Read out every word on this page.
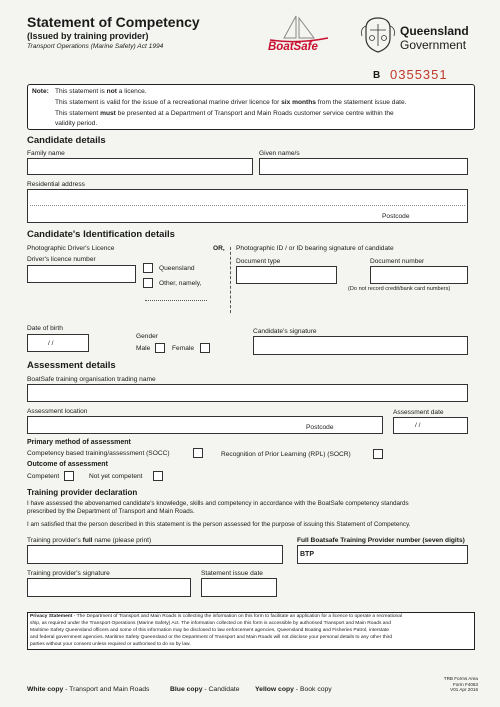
Statement of Competency
(Issued by training provider)
Transport Operations (Marine Safety) Act 1994	BoatSafe
Queensland
Government
B 0355351
Note: This statement is not a licence.
This statement is valid for the issue of a recreational marine driver licence for six months from the statement issue date.
This statement must be presented at a Department of Transport and Main Roads customer service centre within the
validity period.
Candidate details
Family name	Given name/s
Residential address
Postcode
Candidate's Identification details
Photographic Driver's Licence
Driver's licence number
Queensland
Other, namely,
OR, Photographic ID / or ID bearing signature of candidate
Document type	Document number
(Do not record credit/bank card numbers)
Date of birth
/ /
Gender
Male	Female
Candidate's signature
Assessment details
BoatSafe training organisation trading name
Assessment location
Postcode
Assessment date
/ /
Primary method of assessment
Competency based training/assessment (SOCC)	Recognition of Prior Learning (RPL) (SOCR)
Outcome of assessment
Competent	Not yet competent
Training provider declaration
I have assessed the abovenamed candidate's knowledge, skills and competency in accordance with the BoatSafe competency standards
prescribed by the Department of Transport and Main Roads.
I am satisfied that the person described in this statement is the person assessed for the purpose of issuing this Statement of Competency.
Training provider's full name (please print)	Full Boatsafe Training Provider number (seven digits)
BTP
Training provider's signature	Statement issue date
Privacy Statement - The Department of Transport and Main Roads is collecting the information on this form to facilitate an application for a licence to operate a recreational
ship, as required under the Transport Operations (Marine Safety) Act. The information collected on this form is accessible by authorised Transport and Main Roads and
Maritime Safety Queensland officers and some of this information may be disclosed to law enforcement agencies, Queensland Boating and Fisheries Patrol, interstate
and federal government agencies. Maritime Safety Queensland or the Department of Transport and Main Roads will not disclose your personal details to any other third
parties without your consent unless required or authorised to do so by law.
White copy - Transport and Main Roads	Blue copy - Candidate Yellow copy - Book copy
TRB Forms Area
Form F4063
V01 Apr 2016
